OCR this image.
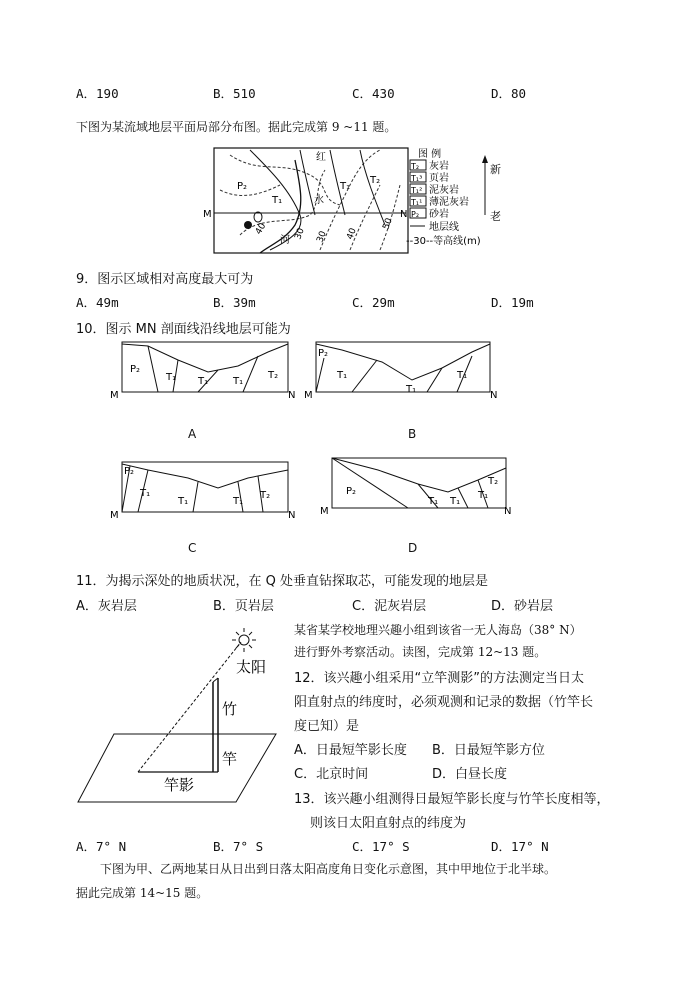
A．190	B．510	C．430	D．80
下图为某流域地层平面局部分布图。据此完成第 9 ~11 题。
M	N
红
水
河
P₂
T₁
T₁
T₂
30 30 40
50
40
图 例
T₂ 灰岩
T₁³ 页岩
T₁² 泥灰岩
T₁¹ 薄泥灰岩
P₂ 砂岩
地层线
--30--等高线(m)
新
老
9．图示区域相对高度最大可为
A．49m	B．39m	C．29m	D．19m
10．图示 MN 剖面线沿线地层可能为
P₂
T₁ T₁ T₁
T₂
M	N
A
P₂
T₁
T₁
T₁
M	N
B
P₂
T₁
T₁	T₁
T₂
M	N
C
P₂
T₁ T₁
T₁
T₂
M	N
D
11．为揭示深处的地质状况，在 Q 处垂直钻探取芯，可能发现的地层是
A．灰岩层	B．页岩层	C．泥灰岩层	D．砂岩层
太阳
竹
竿
竿影
某省某学校地理兴趣小组到该省一无人海岛（38° N）
进行野外考察活动。读图，完成第 12~13 题。
12．该兴趣小组采用“立竿测影”的方法测定当日太
阳直射点的纬度时，必须观测和记录的数据（竹竿长
度已知）是
A．日最短竿影长度 B．日最短竿影方位
C．北京时间	D．白昼长度
13．该兴趣小组测得日最短竿影长度与竹竿长度相等，
则该日太阳直射点的纬度为
A．7° N	B．7° S	C．17° S	D．17° N
下图为甲、乙两地某日从日出到日落太阳高度角日变化示意图，其中甲地位于北半球。
据此完成第 14~15 题。
